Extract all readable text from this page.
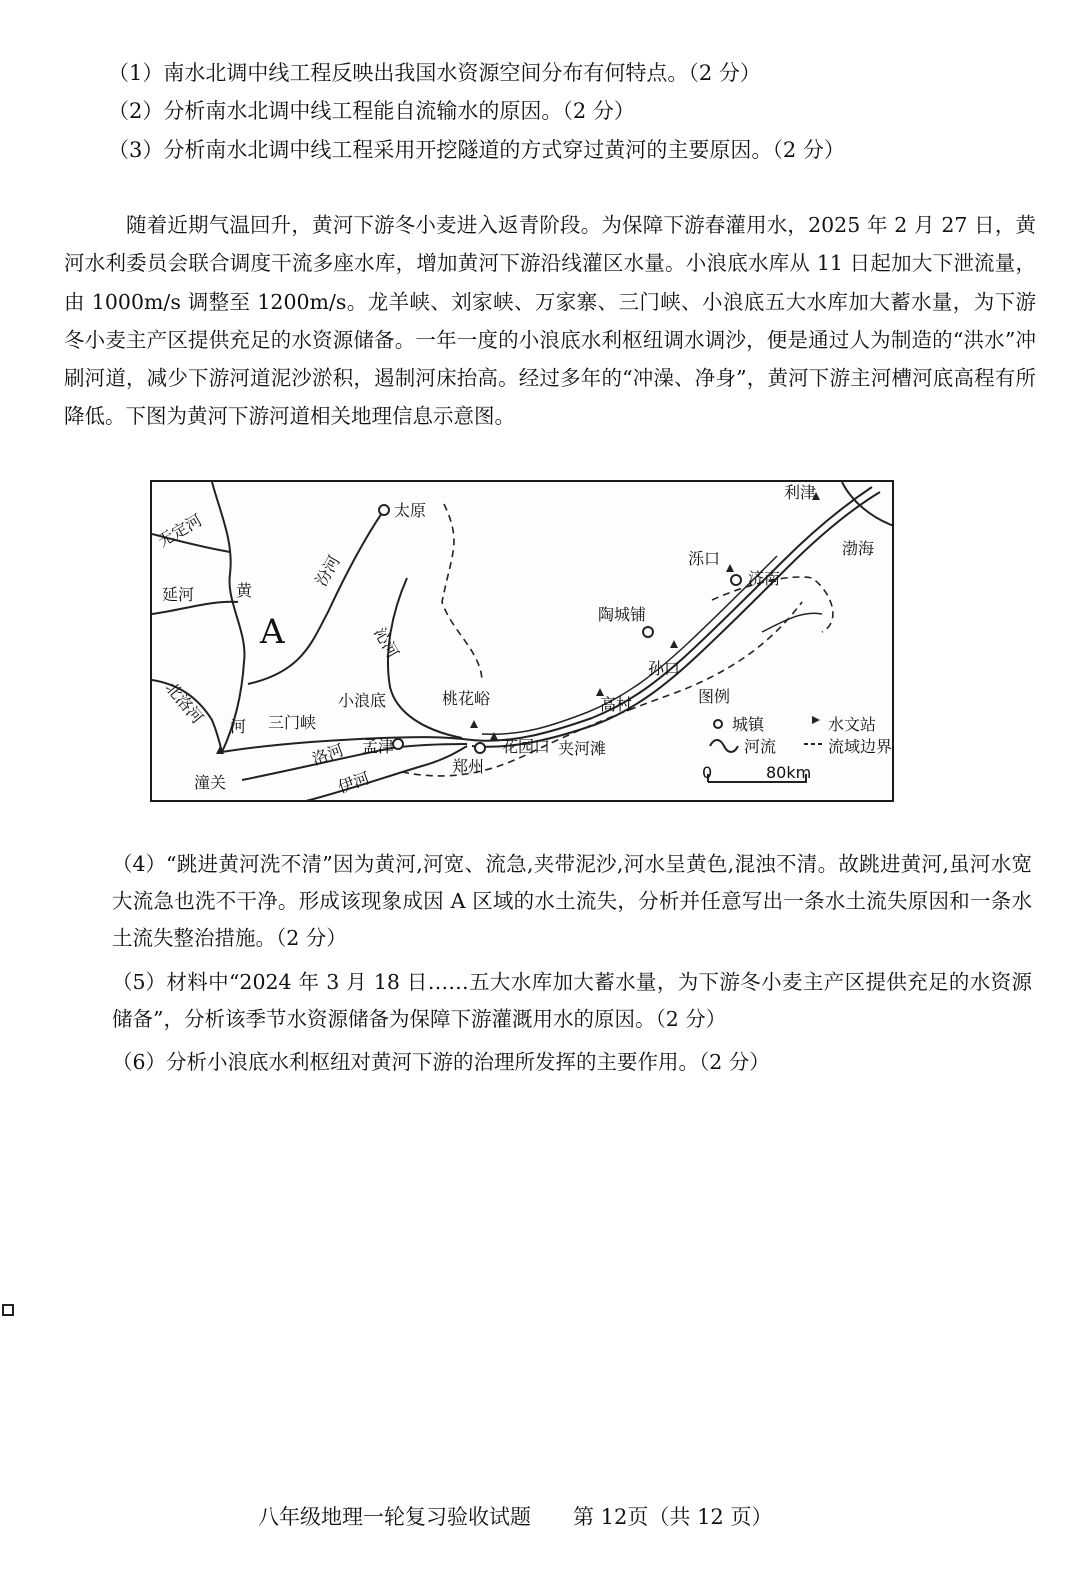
（1）南水北调中线工程反映出我国水资源空间分布有何特点。（2 分）
（2）分析南水北调中线工程能自流输水的原因。（2 分）
（3）分析南水北调中线工程采用开挖隧道的方式穿过黄河的主要原因。（2 分）

随着近期气温回升，黄河下游冬小麦进入返青阶段。为保障下游春灌用水，2025 年 2 月 27 日，黄河水利委员会联合调度干流多座水库，增加黄河下游沿线灌区水量。小浪底水库从 11 日起加大下泄流量，由 1000m/s 调整至 1200m/s。龙羊峡、刘家峡、万家寨、三门峡、小浪底五大水库加大蓄水量，为下游冬小麦主产区提供充足的水资源储备。一年一度的小浪底水利枢纽调水调沙，便是通过人为制造的“洪水”冲刷河道，减少下游河道泥沙淤积，遏制河床抬高。经过多年的“冲澡、净身”，黄河下游主河槽河底高程有所降低。下图为黄河下游河道相关地理信息示意图。

无定河
延河	黄
A
北洛河 河
潼关
汾河
太原
沁河
三门峡
小浪底
孟津
洛河
伊河
桃花峪
郑州
花园口 夹河滩
高村
孙口
陶城铺
泺口
济南
利津
渤海
图例
城镇	水文站
河流	流域边界
0	80km
（4）“跳进黄河洗不清”因为黄河,河宽、流急,夹带泥沙,河水呈黄色,混浊不清。故跳进黄河,虽河水宽大流急也洗不干净。形成该现象成因 A 区域的水土流失，分析并任意写出一条水土流失原因和一条水土流失整治措施。（2 分）
（5）材料中“2024 年 3 月 18 日……五大水库加大蓄水量，为下游冬小麦主产区提供充足的水资源储备”，分析该季节水资源储备为保障下游灌溉用水的原因。（2 分）
（6）分析小浪底水利枢纽对黄河下游的治理所发挥的主要作用。（2 分）
八年级地理一轮复习验收试题 第 12页（共 12 页）
